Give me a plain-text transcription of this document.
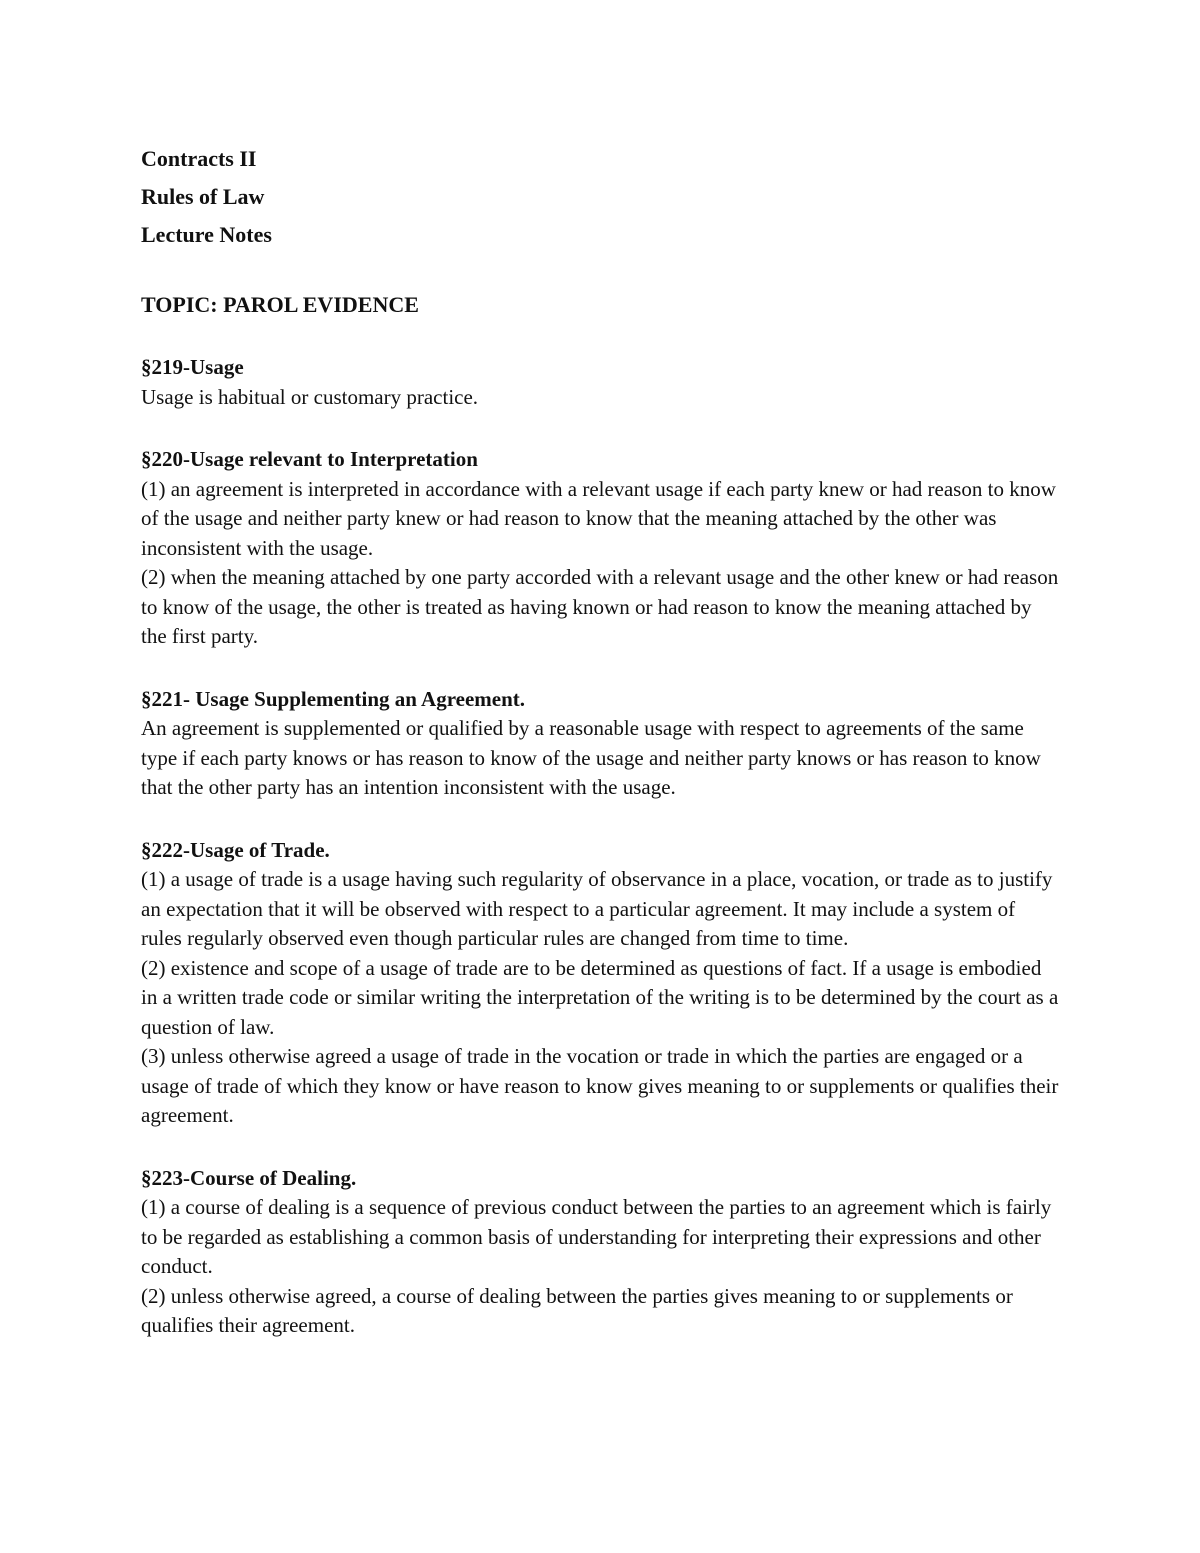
Contracts II

Rules of Law

Lecture Notes

TOPIC: PAROL EVIDENCE

§219-Usage

Usage is habitual or customary practice.

§220-Usage relevant to Interpretation

(1) an agreement is interpreted in accordance with a relevant usage if each party knew or had reason to know of the usage and neither party knew or had reason to know that the meaning attached by the other was inconsistent with the usage.

(2) when the meaning attached by one party accorded with a relevant usage and the other knew or had reason to know of the usage, the other is treated as having known or had reason to know the meaning attached by the first party.

§221- Usage Supplementing an Agreement.

An agreement is supplemented or qualified by a reasonable usage with respect to agreements of the same type if each party knows or has reason to know of the usage and neither party knows or has reason to know that the other party has an intention inconsistent with the usage.

§222-Usage of Trade.

(1) a usage of trade is a usage having such regularity of observance in a place, vocation, or trade as to justify an expectation that it will be observed with respect to a particular agreement. It may include a system of rules regularly observed even though particular rules are changed from time to time.

(2) existence and scope of a usage of trade are to be determined as questions of fact. If a usage is embodied in a written trade code or similar writing the interpretation of the writing is to be determined by the court as a question of law.

(3) unless otherwise agreed a usage of trade in the vocation or trade in which the parties are engaged or a usage of trade of which they know or have reason to know gives meaning to or supplements or qualifies their agreement.

§223-Course of Dealing.

(1) a course of dealing is a sequence of previous conduct between the parties to an agreement which is fairly to be regarded as establishing a common basis of understanding for interpreting their expressions and other conduct.

(2) unless otherwise agreed, a course of dealing between the parties gives meaning to or supplements or qualifies their agreement.
